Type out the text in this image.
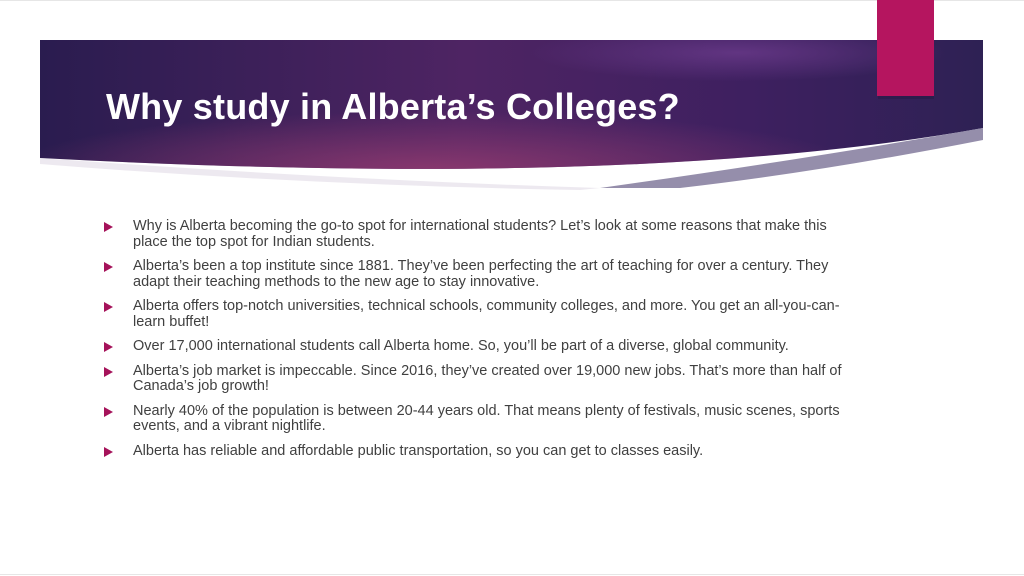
Why study in Alberta’s Colleges?
Why is Alberta becoming the go-to spot for international students? Let’s look at some reasons that make this place the top spot for Indian students.
Alberta’s been a top institute since 1881. They’ve been perfecting the art of teaching for over a century. They adapt their teaching methods to the new age to stay innovative.
Alberta offers top-notch universities, technical schools, community colleges, and more. You get an all-you-can-learn buffet!
Over 17,000 international students call Alberta home. So, you’ll be part of a diverse, global community.
Alberta’s job market is impeccable. Since 2016, they’ve created over 19,000 new jobs. That’s more than half of Canada’s job growth!
Nearly 40% of the population is between 20-44 years old. That means plenty of festivals, music scenes, sports events, and a vibrant nightlife.
Alberta has reliable and affordable public transportation, so you can get to classes easily.
